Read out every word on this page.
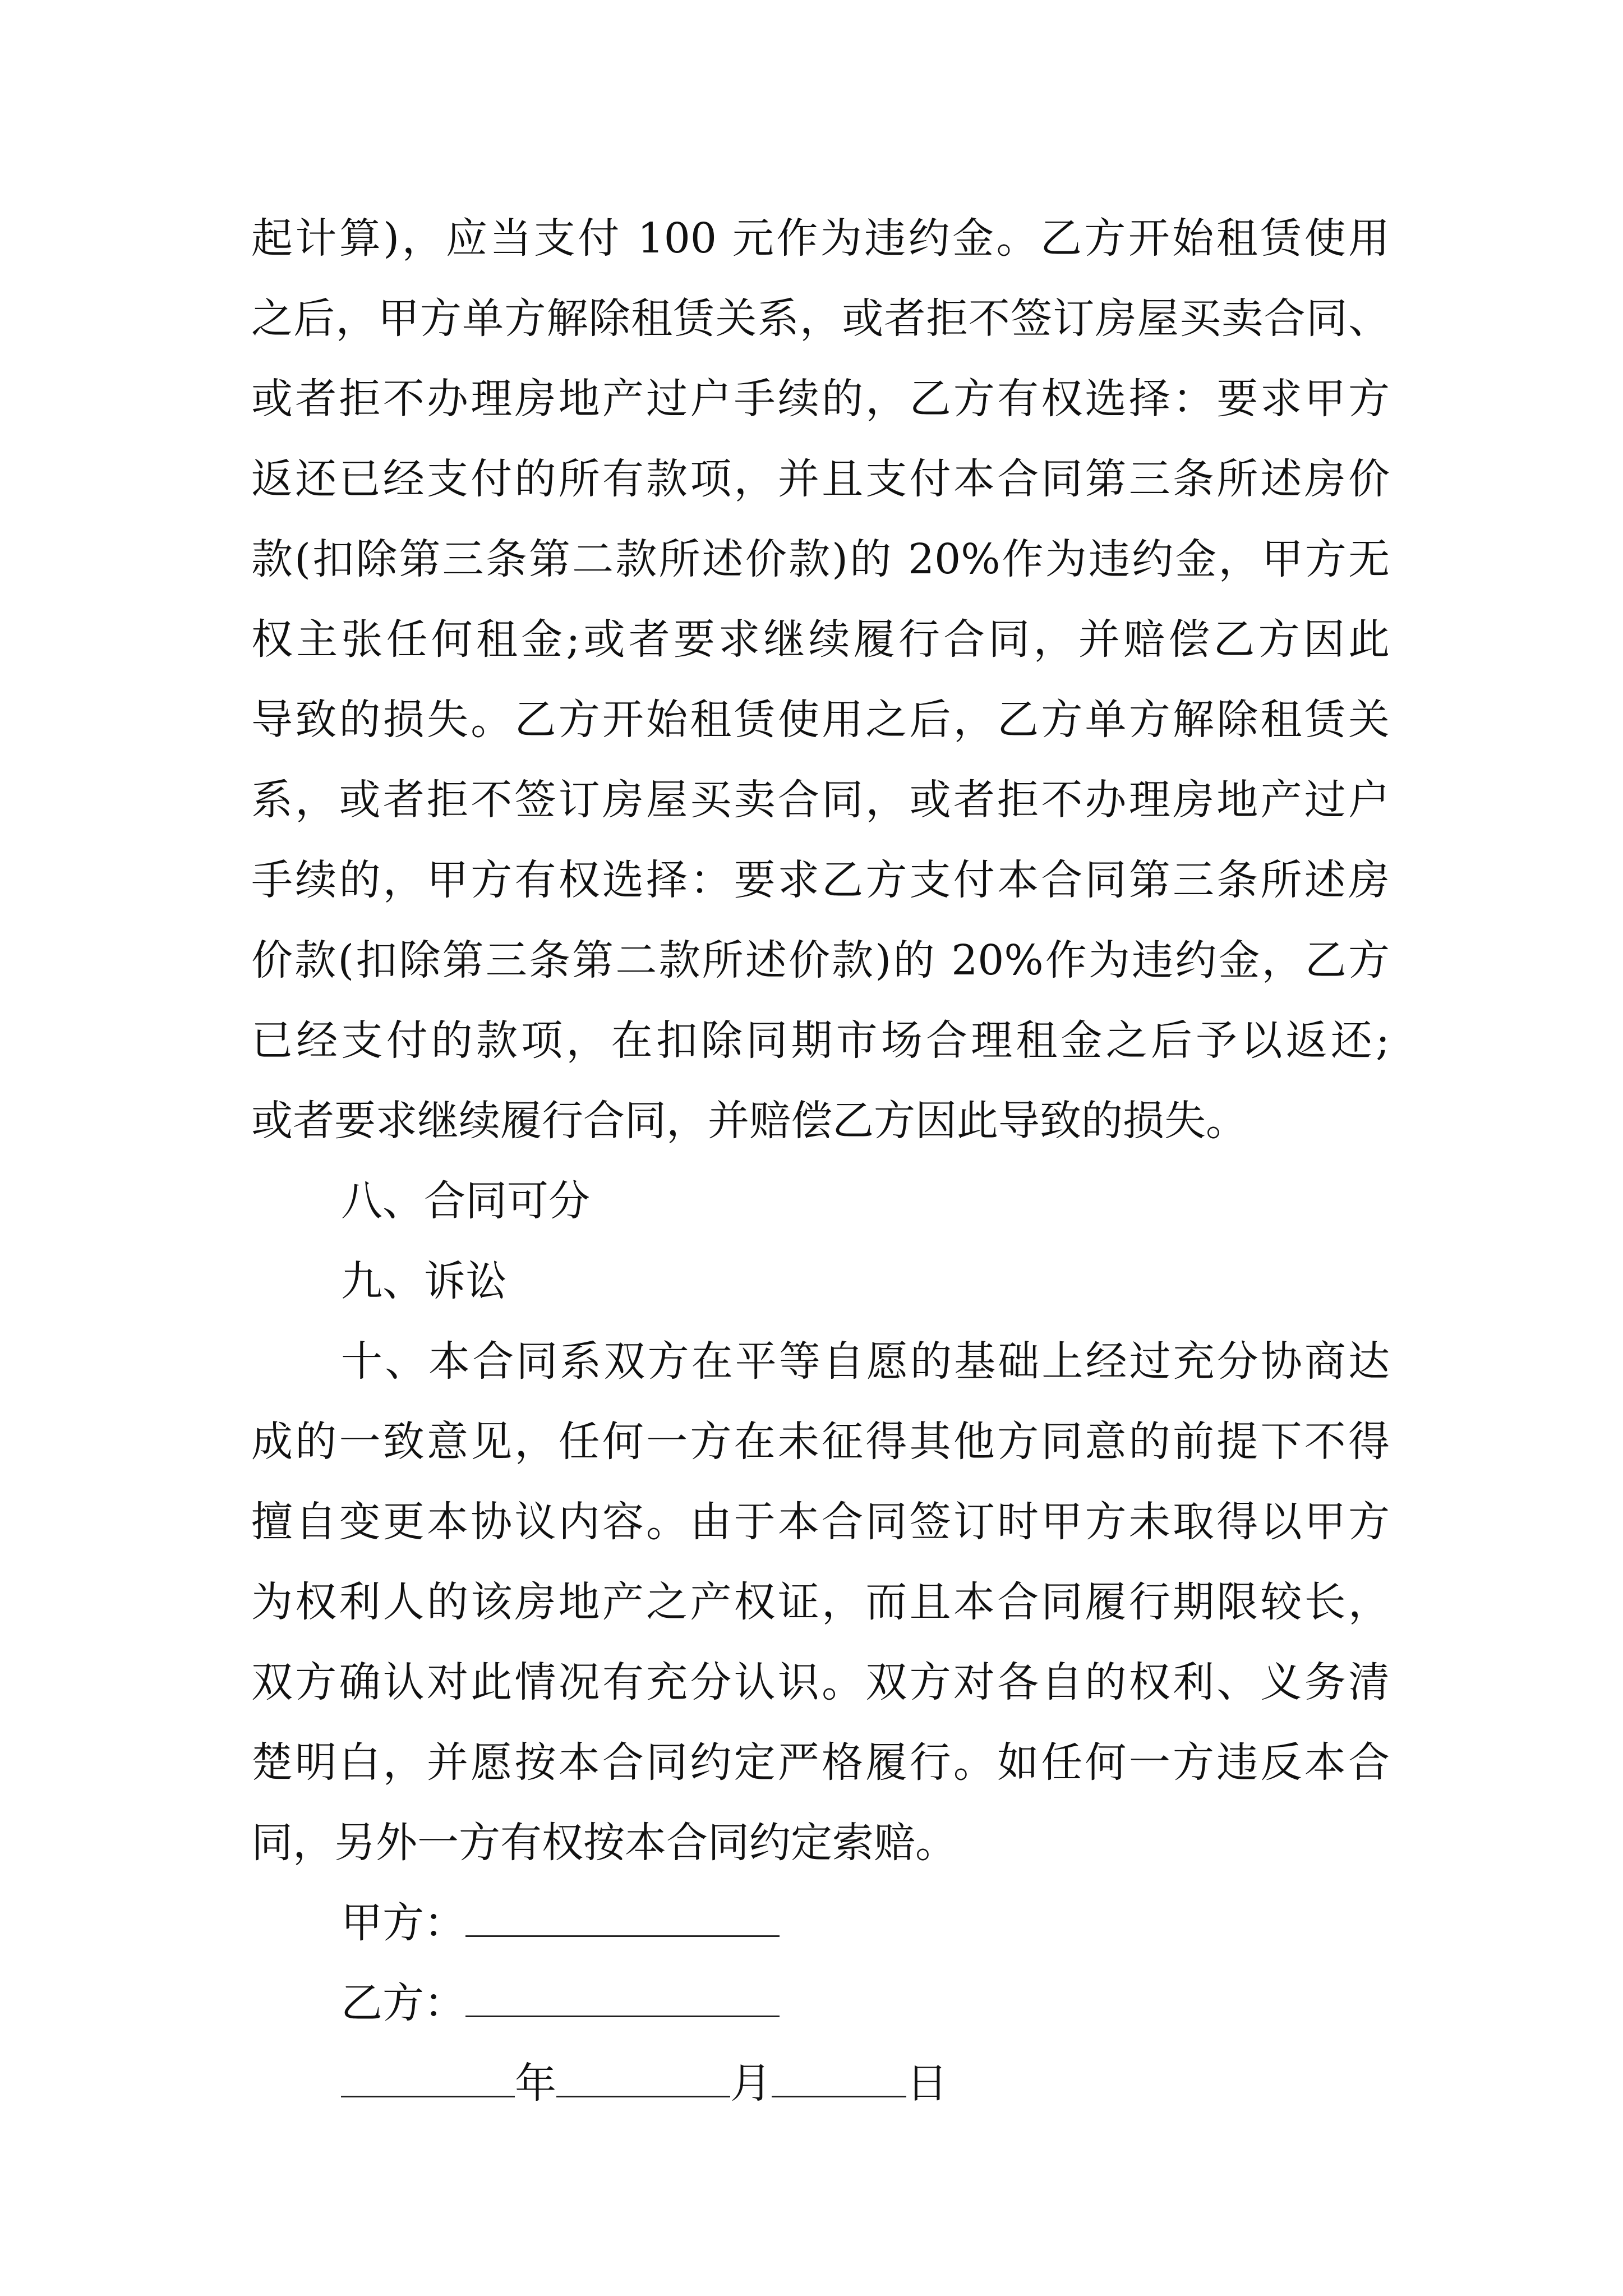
起计算)，应当支付 100 元作为违约金。乙方开始租赁使用
之后，甲方单方解除租赁关系，或者拒不签订房屋买卖合同、
或者拒不办理房地产过户手续的，乙方有权选择：要求甲方
返还已经支付的所有款项，并且支付本合同第三条所述房价
款(扣除第三条第二款所述价款)的 20%作为违约金，甲方无
权主张任何租金;或者要求继续履行合同，并赔偿乙方因此
导致的损失。乙方开始租赁使用之后，乙方单方解除租赁关
系，或者拒不签订房屋买卖合同，或者拒不办理房地产过户
手续的，甲方有权选择：要求乙方支付本合同第三条所述房
价款(扣除第三条第二款所述价款)的 20%作为违约金，乙方
已经支付的款项，在扣除同期市场合理租金之后予以返还;
或者要求继续履行合同，并赔偿乙方因此导致的损失。
八、合同可分
九、诉讼
十、本合同系双方在平等自愿的基础上经过充分协商达
成的一致意见，任何一方在未征得其他方同意的前提下不得
擅自变更本协议内容。由于本合同签订时甲方未取得以甲方
为权利人的该房地产之产权证，而且本合同履行期限较长，
双方确认对此情况有充分认识。双方对各自的权利、义务清
楚明白，并愿按本合同约定严格履行。如任何一方违反本合
同，另外一方有权按本合同约定索赔。
甲方：
乙方：
年	月	日
